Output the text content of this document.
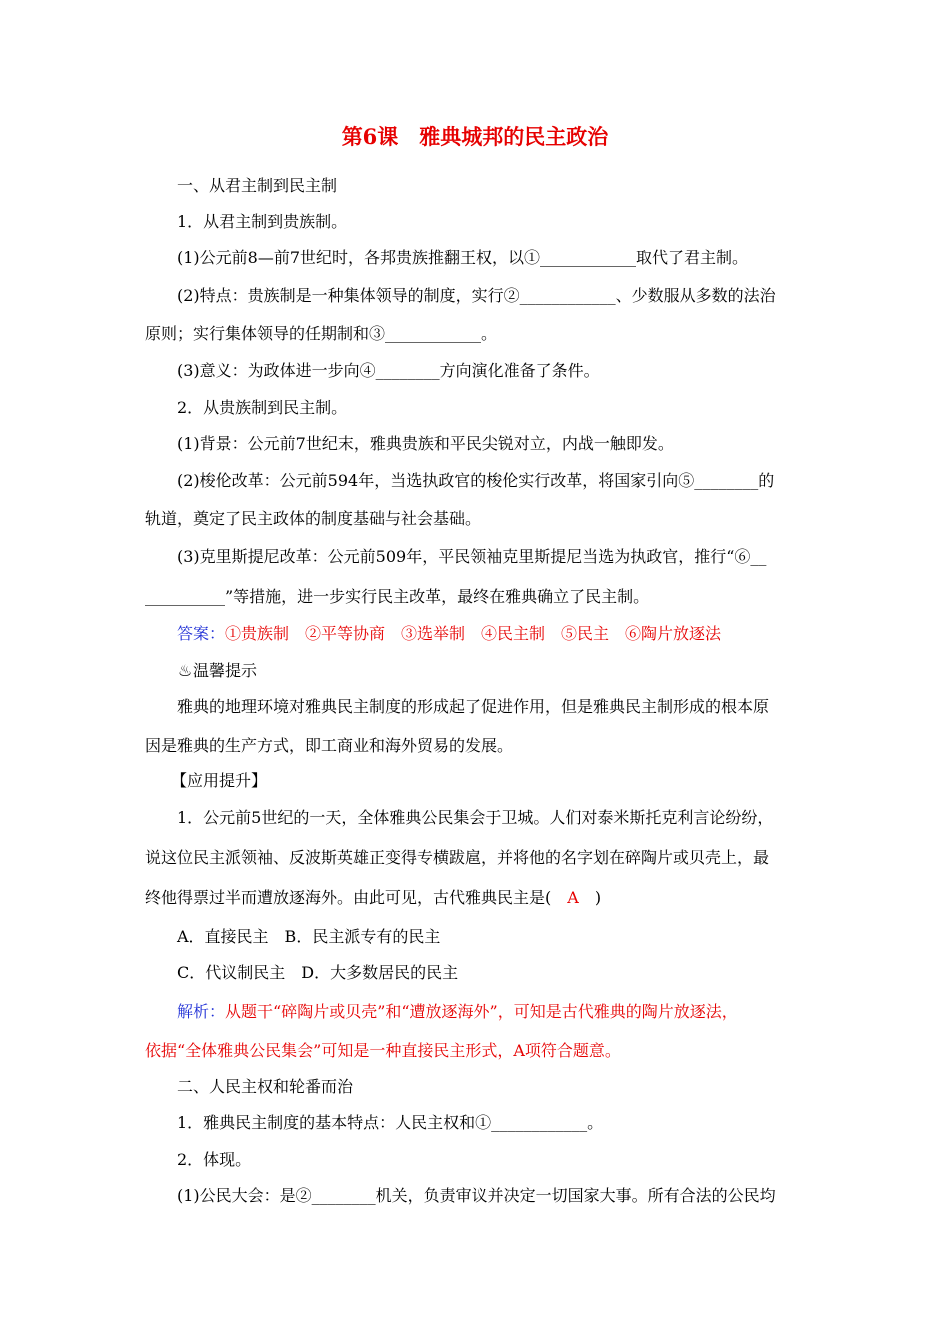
第6课　雅典城邦的民主政治
一、从君主制到民主制
1．从君主制到贵族制。
(1)公元前8—前7世纪时，各邦贵族推翻王权，以①____________取代了君主制。
(2)特点：贵族制是一种集体领导的制度，实行②____________、少数服从多数的法治
原则；实行集体领导的任期制和③____________。
(3)意义：为政体进一步向④________方向演化准备了条件。
2．从贵族制到民主制。
(1)背景：公元前7世纪末，雅典贵族和平民尖锐对立，内战一触即发。
(2)梭伦改革：公元前594年，当选执政官的梭伦实行改革，将国家引向⑤________的
轨道，奠定了民主政体的制度基础与社会基础。
(3)克里斯提尼改革：公元前509年，平民领袖克里斯提尼当选为执政官，推行“⑥__
__________”等措施，进一步实行民主改革，最终在雅典确立了民主制。
答案：①贵族制　②平等协商　③选举制　④民主制　⑤民主　⑥陶片放逐法
♨温馨提示
雅典的地理环境对雅典民主制度的形成起了促进作用，但是雅典民主制形成的根本原
因是雅典的生产方式，即工商业和海外贸易的发展。
【应用提升】
1．公元前5世纪的一天，全体雅典公民集会于卫城。人们对泰米斯托克利言论纷纷，
说这位民主派领袖、反波斯英雄正变得专横跋扈，并将他的名字划在碎陶片或贝壳上，最
终他得票过半而遭放逐海外。由此可见，古代雅典民主是(　A　)
A．直接民主　B．民主派专有的民主
C．代议制民主　D．大多数居民的民主
解析：从题干“碎陶片或贝壳”和“遭放逐海外”，可知是古代雅典的陶片放逐法，
依据“全体雅典公民集会”可知是一种直接民主形式，A项符合题意。
二、人民主权和轮番而治
1．雅典民主制度的基本特点：人民主权和①____________。
2．体现。
(1)公民大会：是②________机关，负责审议并决定一切国家大事。所有合法的公民均
